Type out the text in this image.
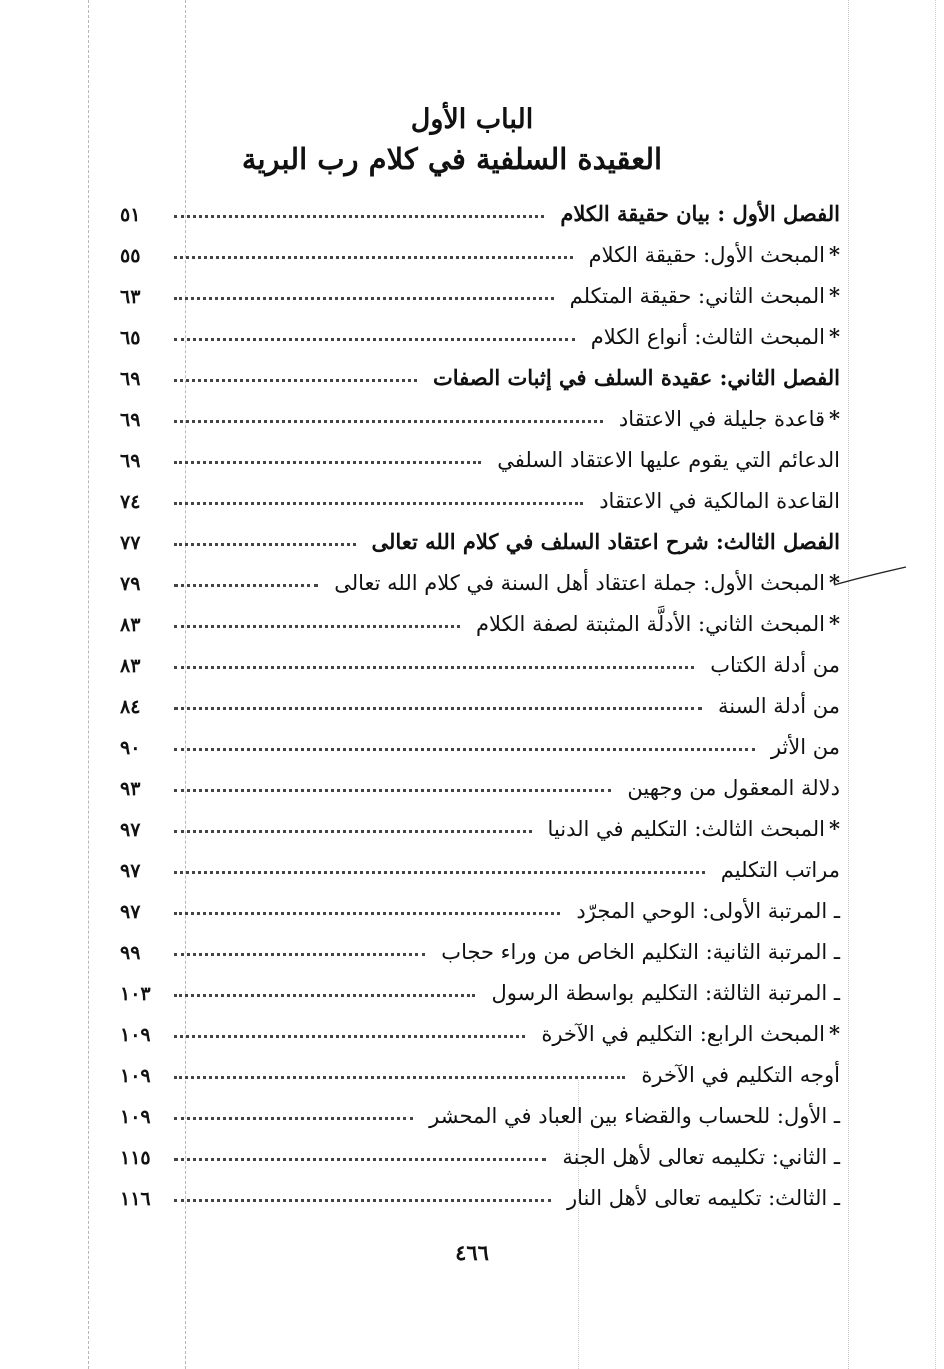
الباب الأول
العقيدة السلفية في كلام رب البرية
الفصل الأول : بيان حقيقة الكلام
٥١
*المبحث الأول: حقيقة الكلام
٥٥
*المبحث الثاني: حقيقة المتكلم
٦٣
*المبحث الثالث: أنواع الكلام
٦٥
الفصل الثاني: عقيدة السلف في إثبات الصفات
٦٩
*قاعدة جليلة في الاعتقاد
٦٩
الدعائم التي يقوم عليها الاعتقاد السلفي
٦٩
القاعدة المالكية في الاعتقاد
٧٤
الفصل الثالث: شرح اعتقاد السلف في كلام الله تعالى
٧٧
*المبحث الأول: جملة اعتقاد أهل السنة في كلام الله تعالى
٧٩
*المبحث الثاني: الأدلَّة المثبتة لصفة الكلام
٨٣
من أدلة الكتاب
٨٣
من أدلة السنة
٨٤
من الأثر
٩٠
دلالة المعقول من وجهين
٩٣
*المبحث الثالث: التكليم في الدنيا
٩٧
مراتب التكليم
٩٧
ـ المرتبة الأولى: الوحي المجرّد
٩٧
ـ المرتبة الثانية: التكليم الخاص من وراء حجاب
٩٩
ـ المرتبة الثالثة: التكليم بواسطة الرسول
١٠٣
*المبحث الرابع: التكليم في الآخرة
١٠٩
أوجه التكليم في الآخرة
١٠٩
ـ الأول: للحساب والقضاء بين العباد في المحشر
١٠٩
ـ الثاني: تكليمه تعالى لأهل الجنة
١١٥
ـ الثالث: تكليمه تعالى لأهل النار
١١٦
٤٦٦
